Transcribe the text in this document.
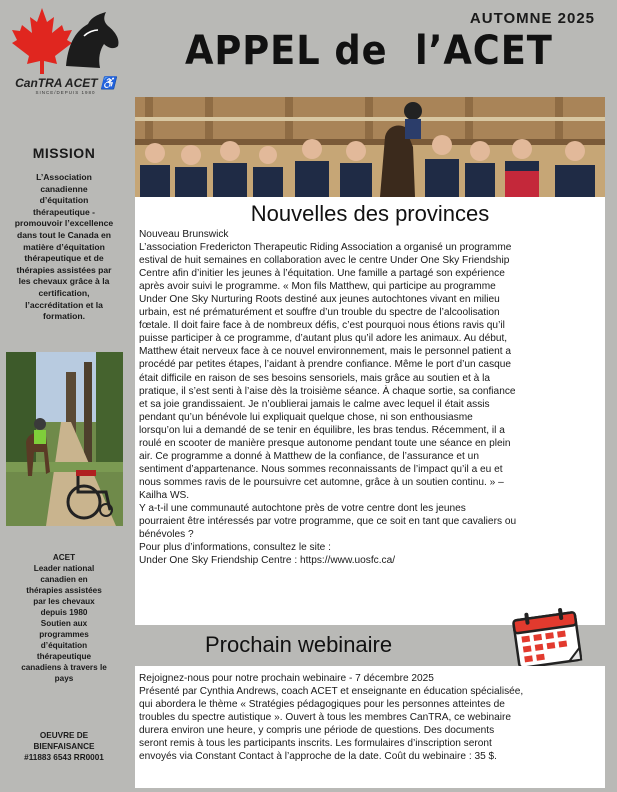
CanTRA ACET ♿
SINCE/DEPUIS 1980
MISSION
L’Association
canadienne
d’équitation
thérapeutique -
promouvoir l’excellence
dans tout le Canada en
matière d’équitation
thérapeutique et de
thérapies assistées par
les chevaux grâce à la
certification,
l’accréditation et la
formation.
ACET
Leader national
canadien en
thérapies assistées
par les chevaux
depuis 1980
Soutien aux
programmes
d’équitation
thérapeutique
canadiens à travers le
pays
OEUVRE DE
BIENFAISANCE
#11883 6543 RR0001
AUTOMNE 2025
APPEL de  l’ACET
Nouvelles des provinces

Nouveau Brunswick

L’association Fredericton Therapeutic Riding Association a organisé un programme

estival de huit semaines en collaboration avec le centre Under One Sky Friendship

Centre afin d’initier les jeunes à l’équitation. Une famille a partagé son expérience

après avoir suivi le programme. « Mon fils Matthew, qui participe au programme

Under One Sky Nurturing Roots destiné aux jeunes autochtones vivant en milieu

urbain, est né prématurément et souffre d’un trouble du spectre de l’alcoolisation

fœtale. Il doit faire face à de nombreux défis, c’est pourquoi nous étions ravis qu’il

puisse participer à ce programme, d’autant plus qu’il adore les animaux. Au début,

Matthew était nerveux face à ce nouvel environnement, mais le personnel patient a

procédé par petites étapes, l’aidant à prendre confiance. Même le port d’un casque

était difficile en raison de ses besoins sensoriels, mais grâce au soutien et à la

pratique, il s’est senti à l’aise dès la troisième séance. À chaque sortie, sa confiance

et sa joie grandissaient. Je n’oublierai jamais le calme avec lequel il était assis

pendant qu’un bénévole lui expliquait quelque chose, ni son enthousiasme

lorsqu’on lui a demandé de se tenir en équilibre, les bras tendus. Récemment, il a

roulé en scooter de manière presque autonome pendant toute une séance en plein

air. Ce programme a donné à Matthew de la confiance, de l’assurance et un

sentiment d’appartenance. Nous sommes reconnaissants de l’impact qu’il a eu et

nous sommes ravis de le poursuivre cet automne, grâce à un soutien continu. » –

Kailha WS.

Y a-t-il une communauté autochtone près de votre centre dont les jeunes

pourraient être intéressés par votre programme, que ce soit en tant que cavaliers ou

bénévoles ?

Pour plus d’informations, consultez le site :

Under One Sky Friendship Centre : https://www.uosfc.ca/

Prochain webinaire

Rejoignez-nous pour notre prochain webinaire - 7 décembre 2025

Présenté par Cynthia Andrews, coach ACET et enseignante en éducation spécialisée,

qui abordera le thème « Stratégies pédagogiques pour les personnes atteintes de

troubles du spectre autistique ». Ouvert à tous les membres CanTRA, ce webinaire

durera environ une heure, y compris une période de questions. Des documents

seront remis à tous les participants inscrits. Les formulaires d’inscription seront

envoyés via Constant Contact à l’approche de la date. Coût du webinaire : 35 $.
